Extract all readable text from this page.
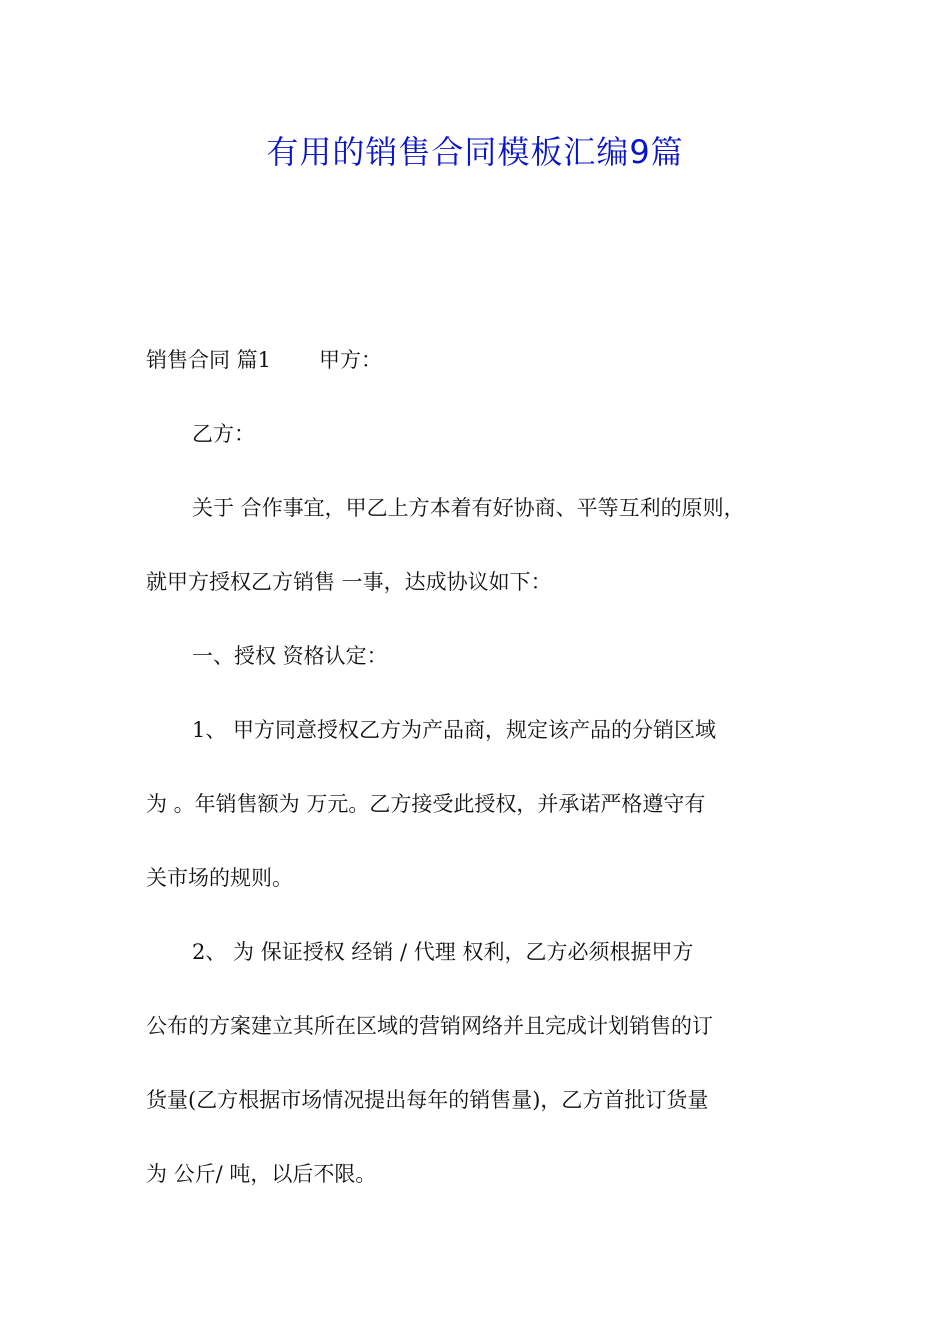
有用的销售合同模板汇编9篇
销售合同 篇1 甲方：
乙方：
关于 合作事宜，甲乙上方本着有好协商、平等互利的原则，
就甲方授权乙方销售 一事，达成协议如下：
一、授权 资格认定：
1、 甲方同意授权乙方为产品商，规定该产品的分销区域
为 。年销售额为 万元。乙方接受此授权，并承诺严格遵守有
关市场的规则。
2、 为 保证授权 经销 / 代理 权利，乙方必须根据甲方
公布的方案建立其所在区域的营销网络并且完成计划销售的订
货量(乙方根据市场情况提出每年的销售量)，乙方首批订货量
为 公斤/ 吨，以后不限。
